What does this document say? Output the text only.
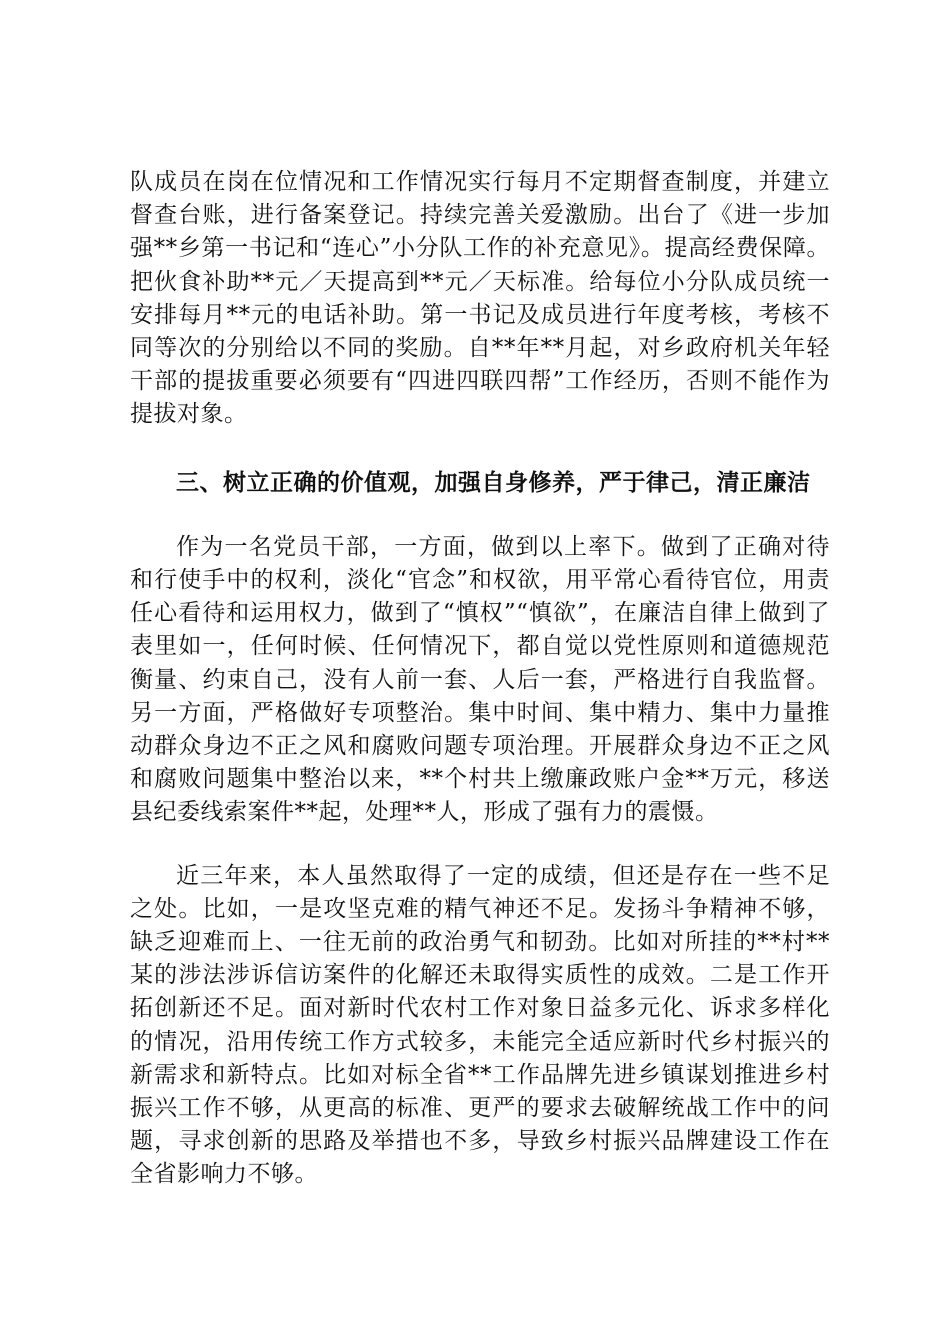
队成员在岗在位情况和工作情况实行每月不定期督查制度，并建立督查台账，进行备案登记。持续完善关爱激励。出台了《进一步加强**乡第一书记和“连心”小分队工作的补充意见》。提高经费保障。把伙食补助**元／天提高到**元／天标准。给每位小分队成员统一安排每月**元的电话补助。第一书记及成员进行年度考核，考核不同等次的分别给以不同的奖励。自**年**月起，对乡政府机关年轻干部的提拔重要必须要有“四进四联四帮”工作经历，否则不能作为提拔对象。

三、树立正确的价值观，加强自身修养，严于律己，清正廉洁

作为一名党员干部，一方面，做到以上率下。做到了正确对待和行使手中的权利，淡化“官念”和权欲，用平常心看待官位，用责任心看待和运用权力，做到了“慎权”“慎欲”，在廉洁自律上做到了表里如一，任何时候、任何情况下，都自觉以党性原则和道德规范衡量、约束自己，没有人前一套、人后一套，严格进行自我监督。另一方面，严格做好专项整治。集中时间、集中精力、集中力量推动群众身边不正之风和腐败问题专项治理。开展群众身边不正之风和腐败问题集中整治以来，**个村共上缴廉政账户金**万元，移送县纪委线索案件**起，处理**人，形成了强有力的震慑。

近三年来，本人虽然取得了一定的成绩，但还是存在一些不足之处。比如，一是攻坚克难的精气神还不足。发扬斗争精神不够，缺乏迎难而上、一往无前的政治勇气和韧劲。比如对所挂的**村**某的涉法涉诉信访案件的化解还未取得实质性的成效。二是工作开拓创新还不足。面对新时代农村工作对象日益多元化、诉求多样化的情况，沿用传统工作方式较多，未能完全适应新时代乡村振兴的新需求和新特点。比如对标全省**工作品牌先进乡镇谋划推进乡村振兴工作不够，从更高的标准、更严的要求去破解统战工作中的问题，寻求创新的思路及举措也不多，导致乡村振兴品牌建设工作在全省影响力不够。
